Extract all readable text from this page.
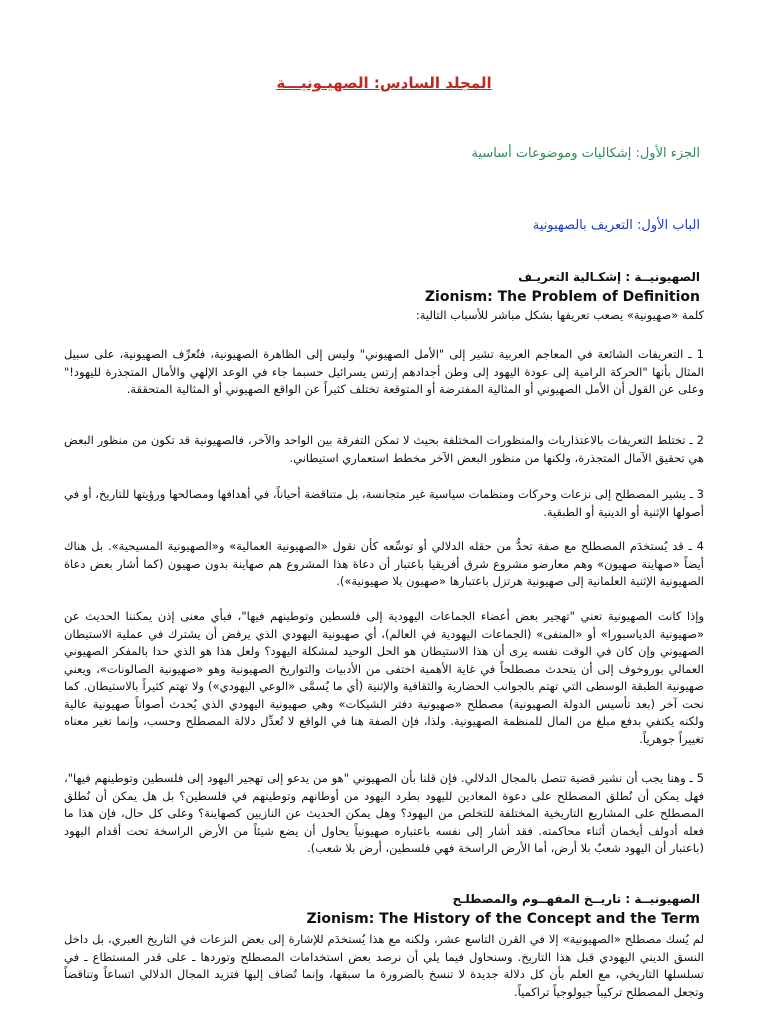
المجلد السادس: الصهيـونيـــة
الجزء الأول: إشكاليات وموضوعات أساسية
الباب الأول: التعريف بالصهيونية
الصهيونيــة : إشكـالية التعريـف
Zionism: The Problem of Definition
كلمة «صهيونية» يصعب تعريفها بشكل مباشر للأسباب التالية:
1 ـ التعريفات الشائعة في المعاجم العربية تشير إلى "الأمل الصهيوني" وليس إلى الظاهرة الصهيونية، فتُعرِّف الصهيونية، على سبيل المثال بأنها "الحركة الرامية إلى عودة اليهود إلى وطن أجدادهم إرتس يسرائيل حسبما جاء في الوعد الإلهي والأمال المتجذرة لليهود!" وعلى عن القول أن الأمل الصهيوني أو المثالية المفترضة أو المتوقعة تختلف كثيراً عن الواقع الصهيوني أو المثالية المتحققة.
2 ـ تختلط التعريفات بالاعتذاريات والمنظورات المختلفة بحيث لا تمكن التفرقة بين الواحد والآخر، فالصهيونية قد تكون من منظور البعض هي تحقيق الآمال المتجذرة، ولكنها من منظور البعض الآخر مخطط استعماري استيطاني.
3 ـ يشير المصطلح إلى نزعات وحركات ومنظمات سياسية غير متجانسة، بل متناقضة أحياناً، في أهدافها ومصالحها ورؤيتها للتاريخ، أو في أصولها الإثنية أو الدينية أو الطبقية.
4 ـ قد يُستخدَم المصطلح مع صفة تحدُّ من حقله الدلالي أو توسِّعه كأن نقول «الصهيونية العمالية» و«الصهيونية المسيحية». بل هناك أيضاً «صهاينة صهيون» وهم معارضو مشروع شرق أفريقيا باعتبار أن دعاة هذا المشروع هم صهاينة بدون صهيون (كما أشار بعض دعاة الصهيونية الإثنية العلمانية إلى صهيونية هرتزل باعتبارها «صهيون بلا صهيونية»).
وإذا كانت الصهيونية تعني "تهجير بعض أعضاء الجماعات اليهودية إلى فلسطين وتوطينهم فيها"، فبأي معنى إذن يمكننا الحديث عن «صهيونية الدياسبورا» أو «المنفى» (الجماعات اليهودية في العالم)، أي صهيونية اليهودي الذي يرفض أن يشترك في عملية الاستيطان الصهيوني وإن كان في الوقت نفسه يرى أن هذا الاستيطان هو الحل الوحيد لمشكلة اليهود؟ ولعل هذا هو الذي حدا بالمفكر الصهيوني العمالي بوروخوف إلى أن يتحدث مصطلحاً في غاية الأهمية اختفى من الأدبيات والتواريخ الصهيونية وهو «صهيونية الصالونات»، ويعني صهيونية الطبقة الوسطى التي تهتم بالجوانب الحضارية والثقافية والإثنية (أي ما يُسمَّى «الوعي اليهودي») ولا تهتم كثيراً بالاستيطان. كما نحت آخر (بعد تأسيس الدولة الصهيونية) مصطلح «صهيونية دفتر الشيكات» وهي صهيونية اليهودي الذي يُحدث أصواتاً صهيونية عالية ولكنه يكتفي بدفع مبلغ من المال للمنظمة الصهيونية. ولذا، فإن الصفة هنا في الواقع لا تُعدِّل دلالة المصطلح وحسب، وإنما تغير معناه تغييراً جوهرياً.
5 ـ وهنا يجب أن نشير قضية تتصل بالمجال الدلالي. فإن قلنا بأن الصهيوني "هو من يدعو إلى تهجير اليهود إلى فلسطين وتوطينهم فيها"، فهل يمكن أن نُطلق المصطلح على دعوة المعادين لليهود بطرد اليهود من أوطانهم وتوطينهم في فلسطين؟ بل هل يمكن أن نُطلق المصطلح على المشاريع التاريخية المختلفة للتخلص من اليهود؟ وهل يمكن الحديث عن النازيين كصهاينة؟ وعلى كل حال، فإن هذا ما فعله أدولف أيخمان أثناء محاكمته. فقد أشار إلى نفسه باعتباره صهيونياً يحاول أن يضع شيئاً من الأرض الراسخة تحت أقدام اليهود (باعتبار أن اليهود شعبٌ بلا أرض، أما الأرض الراسخة فهي فلسطين، أرض بلا شعب).
الصهيونيــة : تاريــخ المفهــوم والمصطلـح
Zionism: The History of the Concept and the Term
لم يُسك مصطلح «الصهيونية» إلا في القرن التاسع عشر، ولكنه مع هذا يُستخدَم للإشارة إلى بعض النزعات في التاريخ العبري، بل داخل النسق الديني اليهودي قبل هذا التاريخ. وسنحاول فيما يلي أن نرصد بعض استخدامات المصطلح وتوردها ـ على قدر المستطاع ـ في تسلسلها التاريخي، مع العلم بأن كل دلالة جديدة لا تنسخ بالضرورة ما سبقها، وإنما تُضاف إليها فتزيد المجال الدلالي اتساعاً وتناقضاً وتجعل المصطلح تركيباً جيولوجياً تراكمياً.
